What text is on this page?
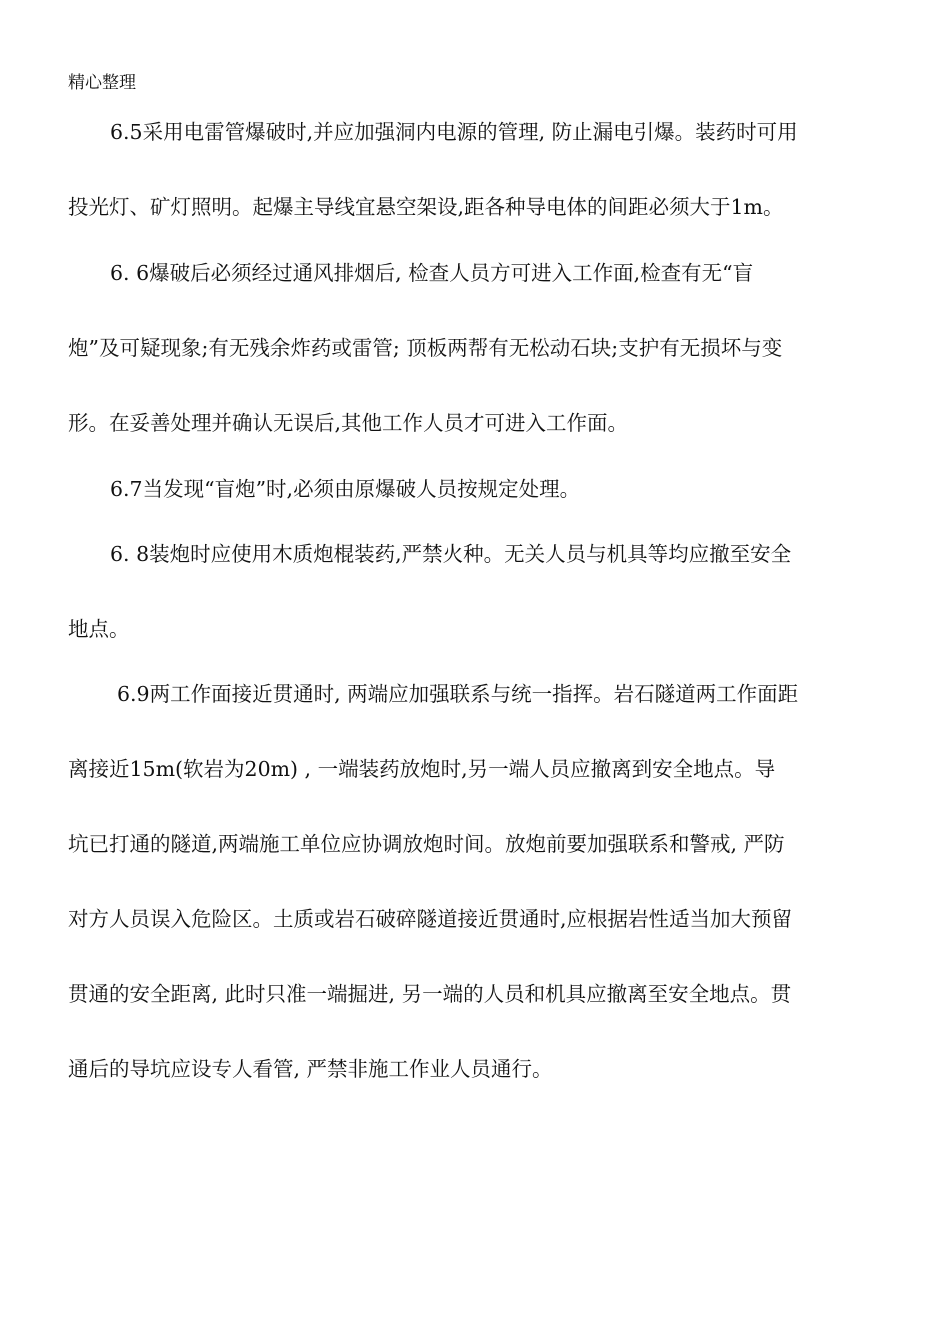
精心整理
6.5采用电雷管爆破时,并应加强洞内电源的管理, 防止漏电引爆。装药时可用
投光灯、矿灯照明。起爆主导线宜悬空架设,距各种导电体的间距必须大于1m。
6. 6爆破后必须经过通风排烟后, 检查人员方可进入工作面,检查有无“盲
炮”及可疑现象;有无残余炸药或雷管; 顶板两帮有无松动石块;支护有无损坏与变
形。在妥善处理并确认无误后,其他工作人员才可进入工作面。
6.7当发现“盲炮”时,必须由原爆破人员按规定处理。
6. 8装炮时应使用木质炮棍装药,严禁火种。无关人员与机具等均应撤至安全
地点。
6.9两工作面接近贯通时, 两端应加强联系与统一指挥。岩石隧道两工作面距
离接近15m(软岩为20m) , 一端装药放炮时,另一端人员应撤离到安全地点。导
坑已打通的隧道,两端施工单位应协调放炮时间。放炮前要加强联系和警戒, 严防
对方人员误入危险区。土质或岩石破碎隧道接近贯通时,应根据岩性适当加大预留
贯通的安全距离, 此时只准一端掘进, 另一端的人员和机具应撤离至安全地点。贯
通后的导坑应设专人看管, 严禁非施工作业人员通行。
